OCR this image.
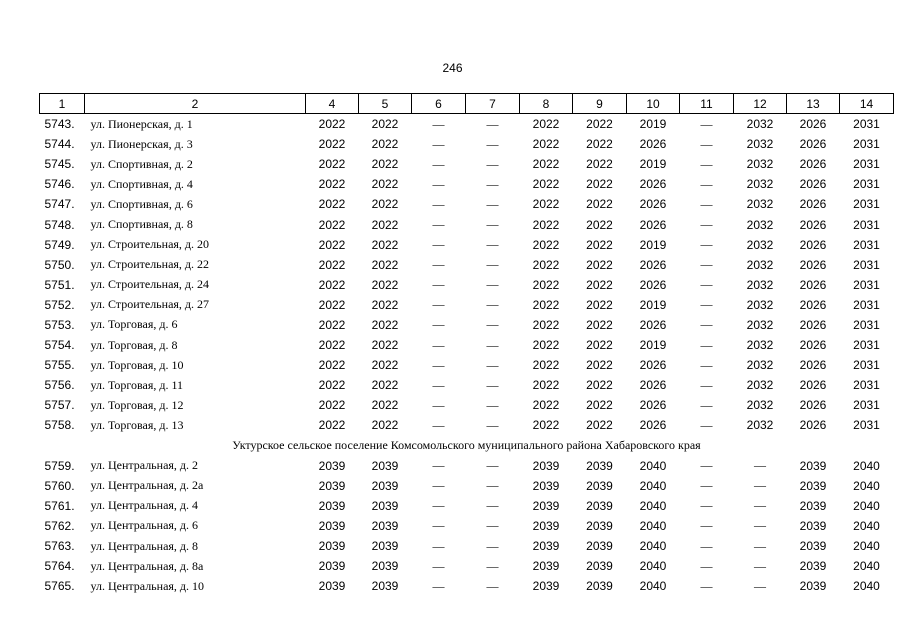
246
1	2	4	5	6	7	8	9	10	11	12	13	14
5743.	ул. Пионерская, д. 1	2022	2022	—	—	2022	2022	2019	—	2032	2026	2031
5744.	ул. Пионерская, д. 3	2022	2022	—	—	2022	2022	2026	—	2032	2026	2031
5745.	ул. Спортивная, д. 2	2022	2022	—	—	2022	2022	2019	—	2032	2026	2031
5746.	ул. Спортивная, д. 4	2022	2022	—	—	2022	2022	2026	—	2032	2026	2031
5747.	ул. Спортивная, д. 6	2022	2022	—	—	2022	2022	2026	—	2032	2026	2031
5748.	ул. Спортивная, д. 8	2022	2022	—	—	2022	2022	2026	—	2032	2026	2031
5749.	ул. Строительная, д. 20	2022	2022	—	—	2022	2022	2019	—	2032	2026	2031
5750.	ул. Строительная, д. 22	2022	2022	—	—	2022	2022	2026	—	2032	2026	2031
5751.	ул. Строительная, д. 24	2022	2022	—	—	2022	2022	2026	—	2032	2026	2031
5752.	ул. Строительная, д. 27	2022	2022	—	—	2022	2022	2019	—	2032	2026	2031
5753.	ул. Торговая, д. 6	2022	2022	—	—	2022	2022	2026	—	2032	2026	2031
5754.	ул. Торговая, д. 8	2022	2022	—	—	2022	2022	2019	—	2032	2026	2031
5755.	ул. Торговая, д. 10	2022	2022	—	—	2022	2022	2026	—	2032	2026	2031
5756.	ул. Торговая, д. 11	2022	2022	—	—	2022	2022	2026	—	2032	2026	2031
5757.	ул. Торговая, д. 12	2022	2022	—	—	2022	2022	2026	—	2032	2026	2031
5758.	ул. Торговая, д. 13	2022	2022	—	—	2022	2022	2026	—	2032	2026	2031
Уктурское сельское поселение Комсомольского муниципального района Хабаровского края												
5759.	ул. Центральная, д. 2	2039	2039	—	—	2039	2039	2040	—	—	2039	2040
5760.	ул. Центральная, д. 2а	2039	2039	—	—	2039	2039	2040	—	—	2039	2040
5761.	ул. Центральная, д. 4	2039	2039	—	—	2039	2039	2040	—	—	2039	2040
5762.	ул. Центральная, д. 6	2039	2039	—	—	2039	2039	2040	—	—	2039	2040
5763.	ул. Центральная, д. 8	2039	2039	—	—	2039	2039	2040	—	—	2039	2040
5764.	ул. Центральная, д. 8а	2039	2039	—	—	2039	2039	2040	—	—	2039	2040
5765.	ул. Центральная, д. 10	2039	2039	—	—	2039	2039	2040	—	—	2039	2040
